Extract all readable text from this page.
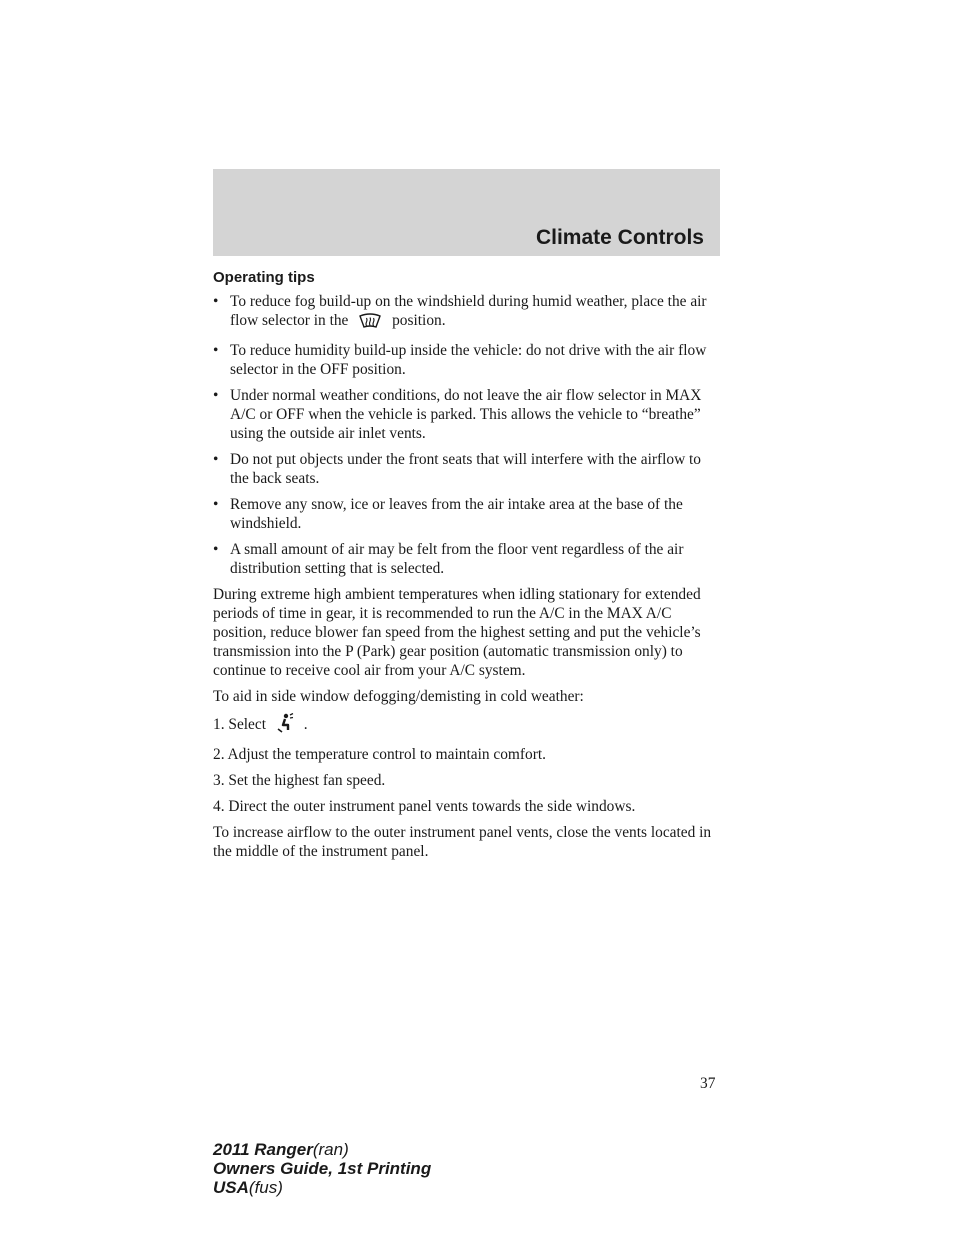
Climate Controls
Operating tips
• To reduce fog build-up on the windshield during humid weather, place the air flow selector in the	position.
• To reduce humidity build-up inside the vehicle: do not drive with the air flow selector in the OFF position.
• Under normal weather conditions, do not leave the air flow selector in MAX A/C or OFF when the vehicle is parked. This allows the vehicle to “breathe” using the outside air inlet vents.
• Do not put objects under the front seats that will interfere with the airflow to the back seats.
• Remove any snow, ice or leaves from the air intake area at the base of the windshield.
• A small amount of air may be felt from the floor vent regardless of the air distribution setting that is selected.

During extreme high ambient temperatures when idling stationary for extended periods of time in gear, it is recommended to run the A/C in the MAX A/C position, reduce blower fan speed from the highest setting and put the vehicle’s transmission into the P (Park) gear position (automatic transmission only) to continue to receive cool air from your A/C system.

To aid in side window defogging/demisting in cold weather:

1. Select .

2. Adjust the temperature control to maintain comfort.

3. Set the highest fan speed.

4. Direct the outer instrument panel vents towards the side windows.

To increase airflow to the outer instrument panel vents, close the vents located in the middle of the instrument panel.

37
2011 Ranger(ran)
Owners Guide, 1st Printing
USA(fus)
